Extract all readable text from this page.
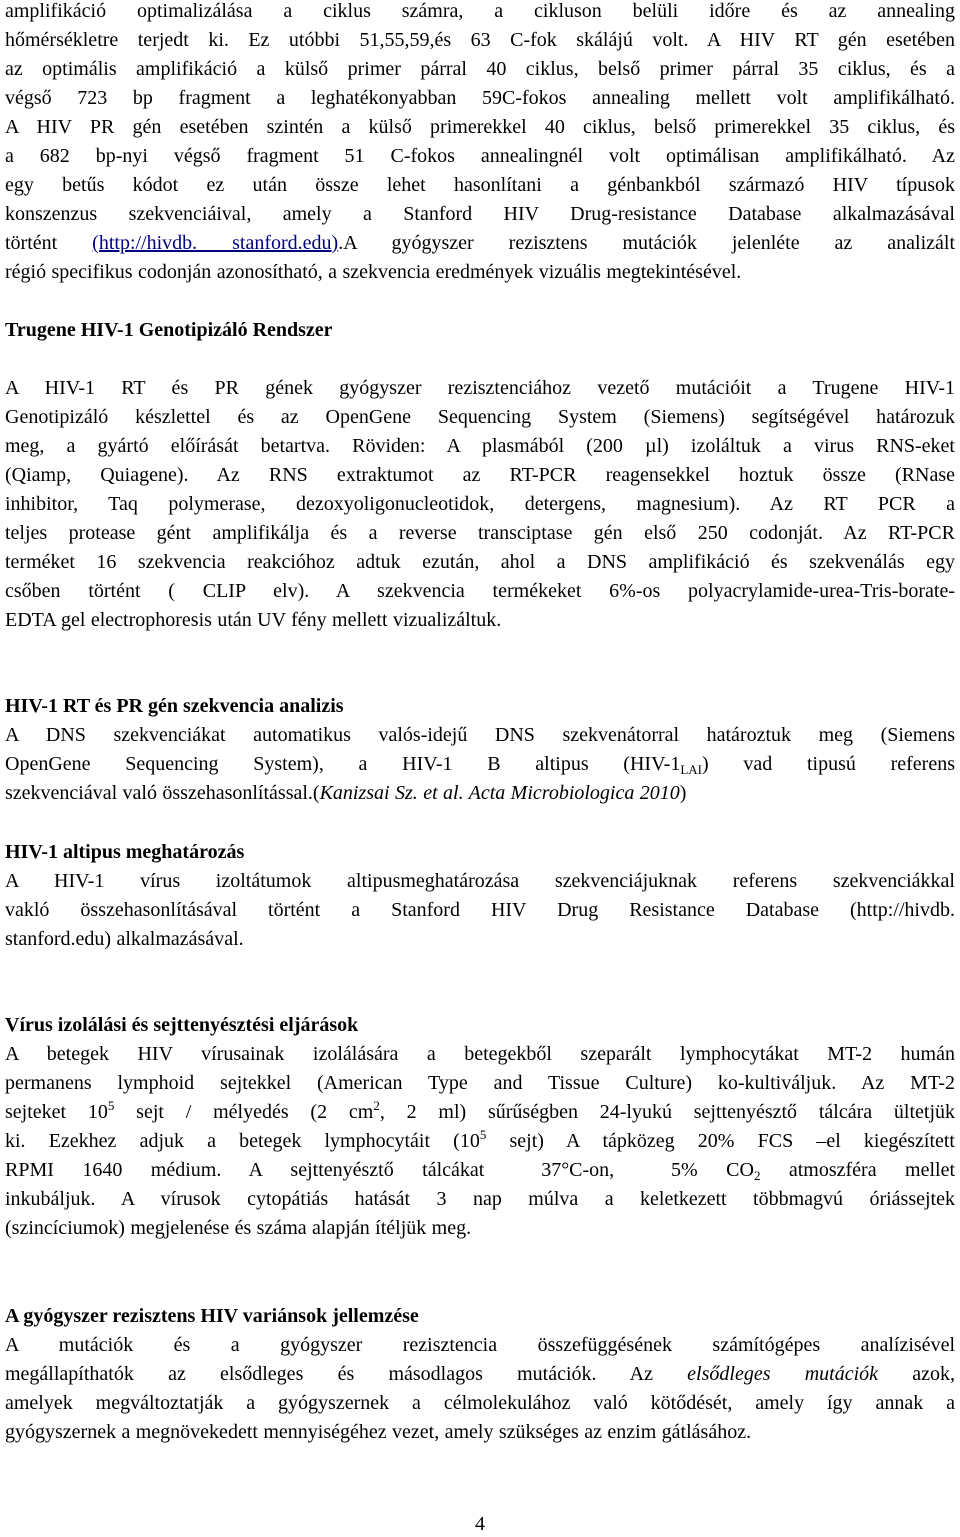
amplifikáció optimalizálása a ciklus számra, a cikluson belüli időre és az annealing
hőmérsékletre terjedt ki. Ez utóbbi 51,55,59,és 63 C-fok skálájú volt. A HIV RT gén esetében
az optimális amplifikáció a külső primer párral 40 ciklus, belső primer párral 35 ciklus, és a
végső 723 bp fragment a leghatékonyabban 59C-fokos annealing mellett volt amplifikálható.
A HIV PR gén esetében szintén a külső primerekkel 40 ciklus, belső primerekkel 35 ciklus, és
a 682 bp-nyi végső fragment 51 C-fokos annealingnél volt optimálisan amplifikálható. Az
egy betűs kódot ez után össze lehet hasonlítani a génbankból származó HIV típusok
konszenzus szekvenciáival, amely a Stanford HIV Drug-resistance Database alkalmazásával
történt (http://hivdb. stanford.edu).A gyógyszer rezisztens mutációk jelenléte az analizált
régió specifikus codonján azonosítható, a szekvencia eredmények vizuális megtekintésével.
Trugene HIV-1 Genotipizáló Rendszer
A HIV-1 RT és PR gének gyógyszer rezisztenciához vezető mutációit a Trugene HIV-1
Genotipizáló készlettel és az OpenGene Sequencing System (Siemens) segítségével határozuk
meg, a gyártó előírását betartva. Röviden: A plasmából (200 µl) izoláltuk a virus RNS-eket
(Qiamp, Quiagene). Az RNS extraktumot az RT-PCR reagensekkel hoztuk össze (RNase
inhibitor, Taq polymerase, dezoxyoligonucleotidok, detergens, magnesium). Az RT PCR a
teljes protease gént amplifikálja és a reverse transciptase gén első 250 codonját. Az RT-PCR
terméket 16 szekvencia reakcióhoz adtuk ezután, ahol a DNS amplifikáció és szekvenálás egy
csőben történt ( CLIP elv). A szekvencia termékeket 6%-os polyacrylamide-urea-Tris-borate-
EDTA gel electrophoresis után UV fény mellett vizualizáltuk.
HIV-1 RT és PR gén szekvencia analizis
A DNS szekvenciákat automatikus valós-idejű DNS szekvenátorral határoztuk meg (Siemens
OpenGene Sequencing System), a HIV-1 B altipus $(HIV-1_{LAI})$ vad tipusú referens
szekvenciával való összehasonlítással.(Kanizsai Sz. et al. Acta Microbiologica 2010)
HIV-1 altipus meghatározás
A HIV-1 vírus izoltátumok altipusmeghatározása szekvenciájuknak referens szekvenciákkal
vakló összehasonlításával történt a Stanford HIV Drug Resistance Database (http://hivdb.
stanford.edu) alkalmazásával.
Vírus izolálási és sejttenyésztési eljárások
A betegek HIV vírusainak izolálására a betegekből szeparált lymphocytákat MT-2 humán
permanens lymphoid sejtekkel (American Type and Tissue Culture) ko-kultiváljuk. Az MT-2
sejteket $10^5$ sejt / mélyedés (2 $cm^2$, 2 ml) sűrűségben 24-lyukú sejttenyésztő tálcára ültetjük
ki. Ezekhez adjuk a betegek lymphocytáit ($10^5$ sejt) A tápközeg 20% FCS –el kiegészített
RPMI  1640  médium.  A  sejttenyésztő  tálcákat    37°C-on,    5%  $CO_2$  atmoszféra  mellet
inkubáljuk. A vírusok cytopátiás hatását 3 nap múlva a keletkezett többmagvú óriássejtek
(szincíciumok) megjelenése és száma alapján ítéljük meg.
A gyógyszer rezisztens HIV variánsok jellemzése
A mutációk és a gyógyszer rezisztencia összefüggésének számítógépes analízisével
megállapíthatók az elsődleges és másodlagos mutációk. Az elsődleges mutációk azok,
amelyek megváltoztatják a gyógyszernek a célmolekulához való kötődését, amely így annak a
gyógyszernek a megnövekedett mennyiségéhez vezet, amely szükséges az enzim gátlásához.
4
